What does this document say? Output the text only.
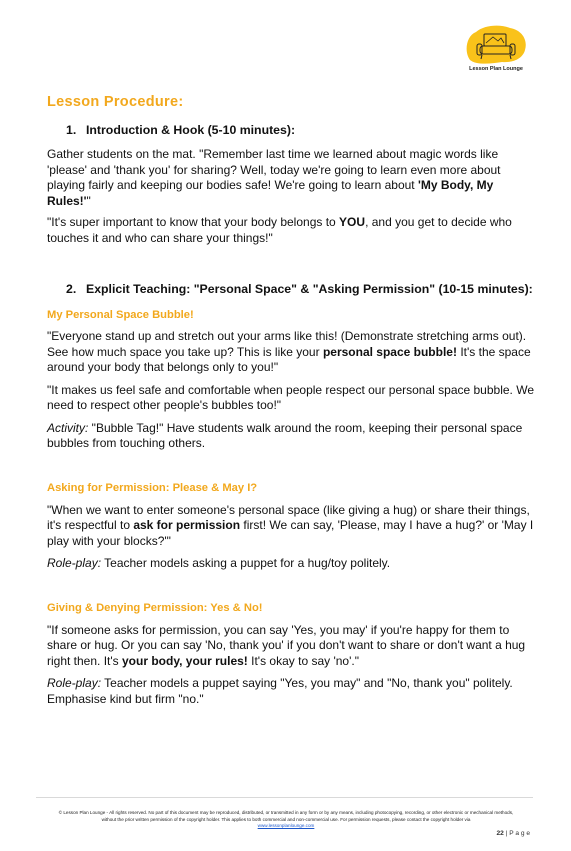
Lesson Plan Lounge
Lesson Procedure:
1. Introduction & Hook (5-10 minutes):

Gather students on the mat. "Remember last time we learned about magic words like 'please' and 'thank you' for sharing? Well, today we're going to learn even more about playing fairly and keeping our bodies safe! We're going to learn about 'My Body, My Rules!'"

"It's super important to know that your body belongs to YOU, and you get to decide who touches it and who can share your things!"

2. Explicit Teaching: "Personal Space" & "Asking Permission" (10-15 minutes):
My Personal Space Bubble!

"Everyone stand up and stretch out your arms like this! (Demonstrate stretching arms out). See how much space you take up? This is like your personal space bubble! It's the space around your body that belongs only to you!"

"It makes us feel safe and comfortable when people respect our personal space bubble. We need to respect other people's bubbles too!"

Activity: "Bubble Tag!" Have students walk around the room, keeping their personal space bubbles from touching others.

Asking for Permission: Please & May I?

"When we want to enter someone's personal space (like giving a hug) or share their things, it's respectful to ask for permission first! We can say, 'Please, may I have a hug?' or 'May I play with your blocks?'"

Role-play: Teacher models asking a puppet for a hug/toy politely.

Giving & Denying Permission: Yes & No!

"If someone asks for permission, you can say 'Yes, you may' if you're happy for them to share or hug. Or you can say 'No, thank you' if you don't want to share or don't want a hug right then. It's your body, your rules! It's okay to say 'no'."

Role-play: Teacher models a puppet saying "Yes, you may" and "No, thank you" politely. Emphasise kind but firm "no."

© Lesson Plan Lounge - All rights reserved. No part of this document may be reproduced, distributed, or transmitted in any form or by any means, including photocopying, recording, or other electronic or mechanical methods, without the prior written permission of the copyright holder. This applies to both commercial and non-commercial use. For permission requests, please contact the copyright holder via
www.lessonplanlounge.com
22 | P a g e
